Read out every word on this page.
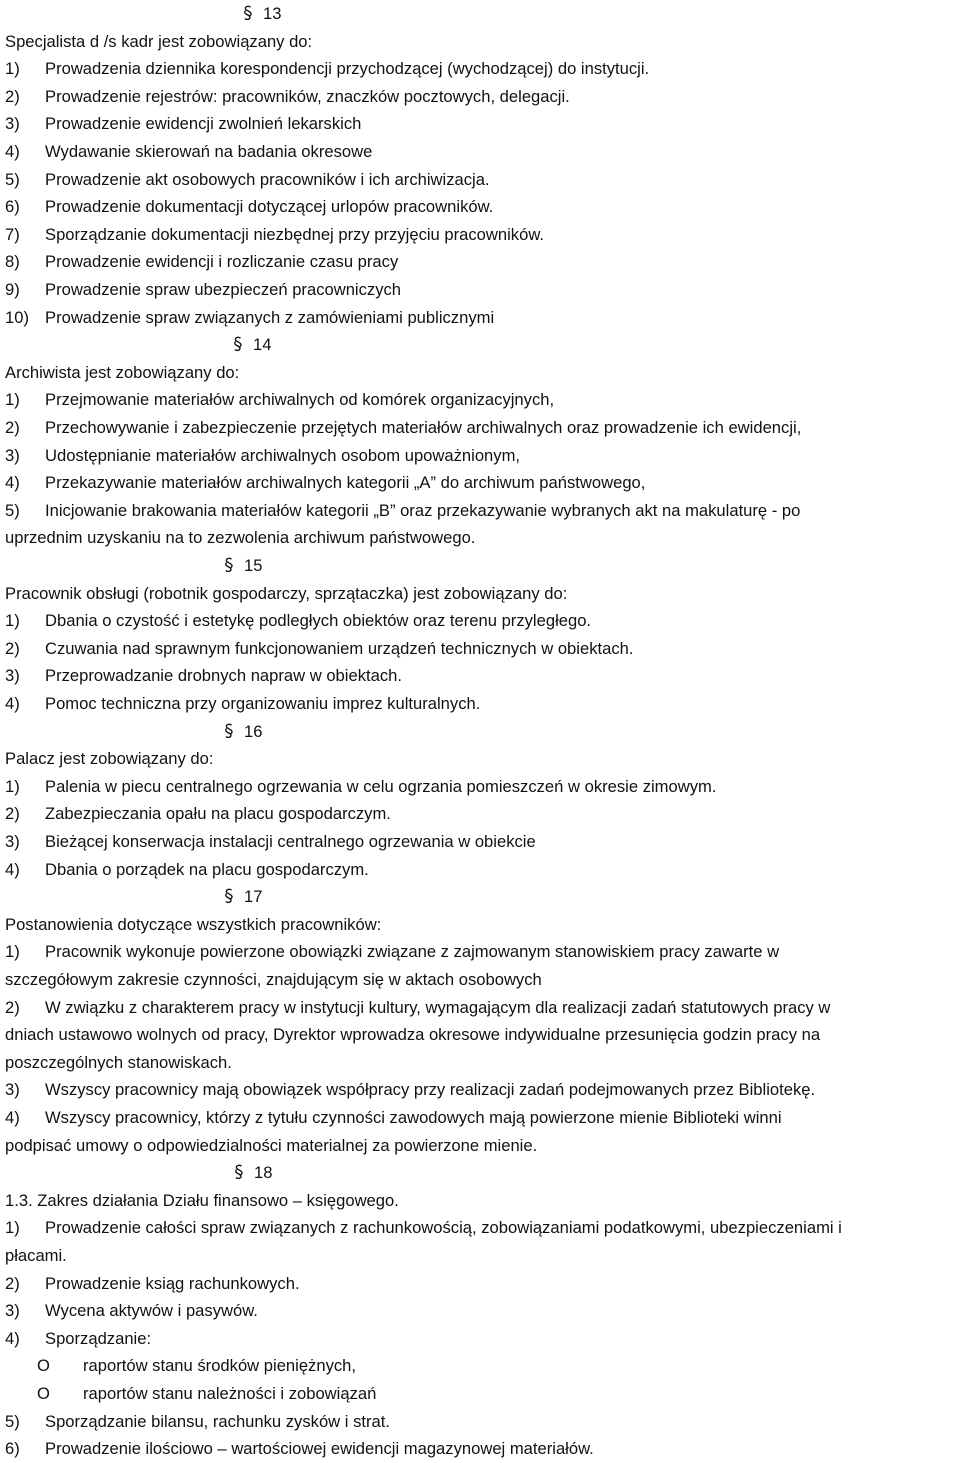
13
Specjalista d /s kadr jest zobowiązany do:
1)	Prowadzenia dziennika korespondencji przychodzącej (wychodzącej) do instytucji.
2)	Prowadzenie rejestrów: pracowników, znaczków pocztowych, delegacji.
3)	Prowadzenie ewidencji zwolnień lekarskich
4)	Wydawanie skierowań na badania okresowe
5)	Prowadzenie akt osobowych pracowników i ich archiwizacja.
6)	Prowadzenie dokumentacji dotyczącej urlopów pracowników.
7)	Sporządzanie dokumentacji niezbędnej przy przyjęciu pracowników.
8)	Prowadzenie ewidencji i rozliczanie czasu pracy
9)	Prowadzenie spraw ubezpieczeń pracowniczych
10) Prowadzenie spraw związanych z zamówieniami publicznymi
14
Archiwista jest zobowiązany do:
1)	Przejmowanie materiałów archiwalnych od komórek organizacyjnych,
2)	Przechowywanie i zabezpieczenie przejętych materiałów archiwalnych oraz prowadzenie ich ewidencji,
3)	Udostępnianie materiałów archiwalnych osobom upoważnionym,
4)	Przekazywanie materiałów archiwalnych kategorii „A” do archiwum państwowego,
5)	Inicjowanie brakowania materiałów kategorii „B” oraz przekazywanie wybranych akt na makulaturę - po
uprzednim uzyskaniu na to zezwolenia archiwum państwowego.
15
Pracownik obsługi (robotnik gospodarczy, sprzątaczka) jest zobowiązany do:
1)	Dbania o czystość i estetykę podległych obiektów oraz terenu przyległego.
2)	Czuwania nad sprawnym funkcjonowaniem urządzeń technicznych w obiektach.
3)	Przeprowadzanie drobnych napraw w obiektach.
4)	Pomoc techniczna przy organizowaniu imprez kulturalnych.
16
Palacz jest zobowiązany do:
1)	Palenia w piecu centralnego ogrzewania w celu ogrzania pomieszczeń w okresie zimowym.
2)	Zabezpieczania opału na placu gospodarczym.
3)	Bieżącej konserwacja instalacji centralnego ogrzewania w obiekcie
4)	Dbania o porządek na placu gospodarczym.
17
Postanowienia dotyczące wszystkich pracowników:
1)	Pracownik wykonuje powierzone obowiązki związane z zajmowanym stanowiskiem pracy zawarte w
szczegółowym zakresie czynności, znajdującym się w aktach osobowych
2)	W związku z charakterem pracy w instytucji kultury, wymagającym dla realizacji zadań statutowych pracy w
dniach ustawowo wolnych od pracy, Dyrektor wprowadza okresowe indywidualne przesunięcia godzin pracy na
poszczególnych stanowiskach.
3)	Wszyscy pracownicy mają obowiązek współpracy przy realizacji zadań podejmowanych przez Bibliotekę.
4)	Wszyscy pracownicy, którzy z tytułu czynności zawodowych mają powierzone mienie Biblioteki winni
podpisać umowy o odpowiedzialności materialnej za powierzone mienie.
18
1.3. Zakres działania Działu finansowo – księgowego.
1)	Prowadzenie całości spraw związanych z rachunkowością, zobowiązaniami podatkowymi, ubezpieczeniami i
płacami.
2)	Prowadzenie ksiąg rachunkowych.
3)	Wycena aktywów i pasywów.
4)	Sporządzanie:
O	raportów stanu środków pieniężnych,
O	raportów stanu należności i zobowiązań
5)	Sporządzanie bilansu, rachunku zysków i strat.
6)	Prowadzenie ilościowo – wartościowej ewidencji magazynowej materiałów.
